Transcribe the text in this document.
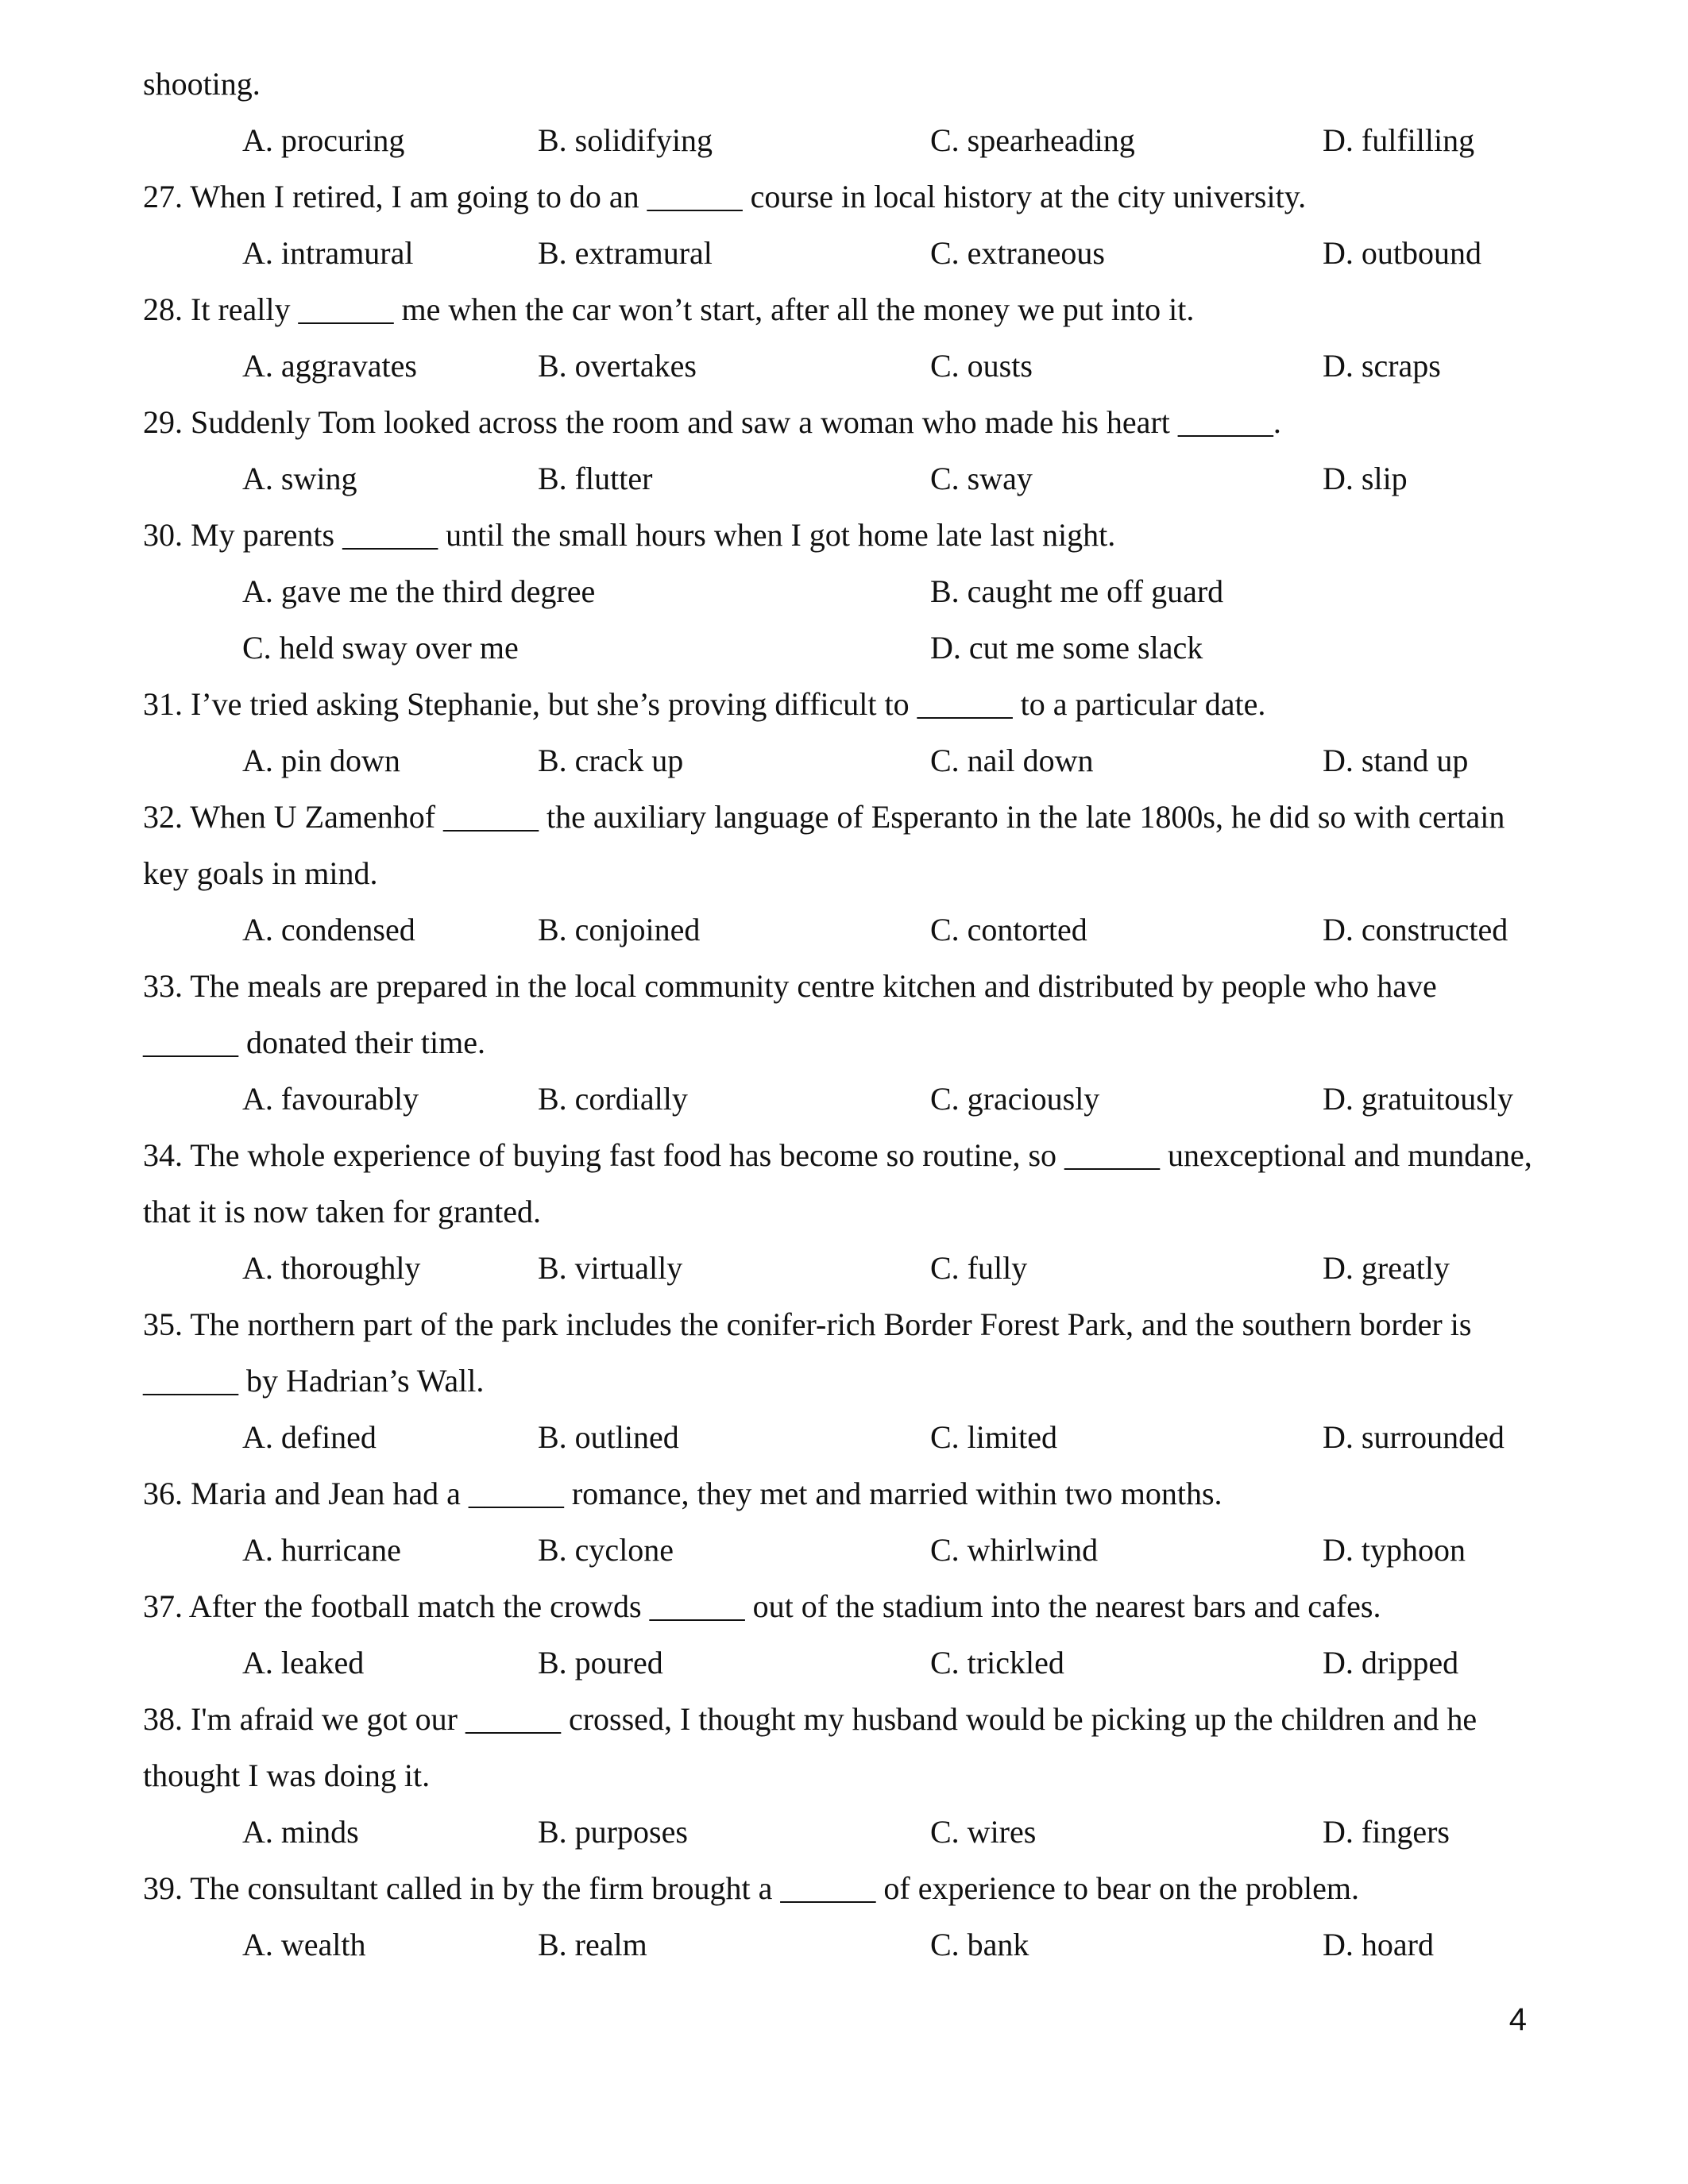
shooting.
A. procuring	B. solidifying	C. spearheading	D. fulfilling
27. When I retired, I am going to do an ______ course in local history at the city university.
A. intramural	B. extramural	C. extraneous	D. outbound
28. It really ______ me when the car won’t start, after all the money we put into it.
A. aggravates	B. overtakes	C. ousts	D. scraps
29. Suddenly Tom looked across the room and saw a woman who made his heart ______.
A. swing	B. flutter	C. sway	D. slip
30. My parents ______ until the small hours when I got home late last night.
A. gave me the third degree	B. caught me off guard
C. held sway over me	D. cut me some slack
31. I’ve tried asking Stephanie, but she’s proving difficult to ______ to a particular date.
A. pin down	B. crack up	C. nail down	D. stand up
32. When U Zamenhof ______ the auxiliary language of Esperanto in the late 1800s, he did so with certain
key goals in mind.
A. condensed	B. conjoined	C. contorted	D. constructed
33. The meals are prepared in the local community centre kitchen and distributed by people who have
______ donated their time.
A. favourably	B. cordially	C. graciously	D. gratuitously
34. The whole experience of buying fast food has become so routine, so ______ unexceptional and mundane,
that it is now taken for granted.
A. thoroughly	B. virtually	C. fully	D. greatly
35. The northern part of the park includes the conifer-rich Border Forest Park, and the southern border is
______ by Hadrian’s Wall.
A. defined	B. outlined	C. limited	D. surrounded
36. Maria and Jean had a ______ romance, they met and married within two months.
A. hurricane	B. cyclone	C. whirlwind	D. typhoon
37. After the football match the crowds ______ out of the stadium into the nearest bars and cafes.
A. leaked	B. poured	C. trickled	D. dripped
38. I'm afraid we got our ______ crossed, I thought my husband would be picking up the children and he
thought I was doing it.
A. minds	B. purposes	C. wires	D. fingers
39. The consultant called in by the firm brought a ______ of experience to bear on the problem.
A. wealth	B. realm	C. bank	D. hoard
4
